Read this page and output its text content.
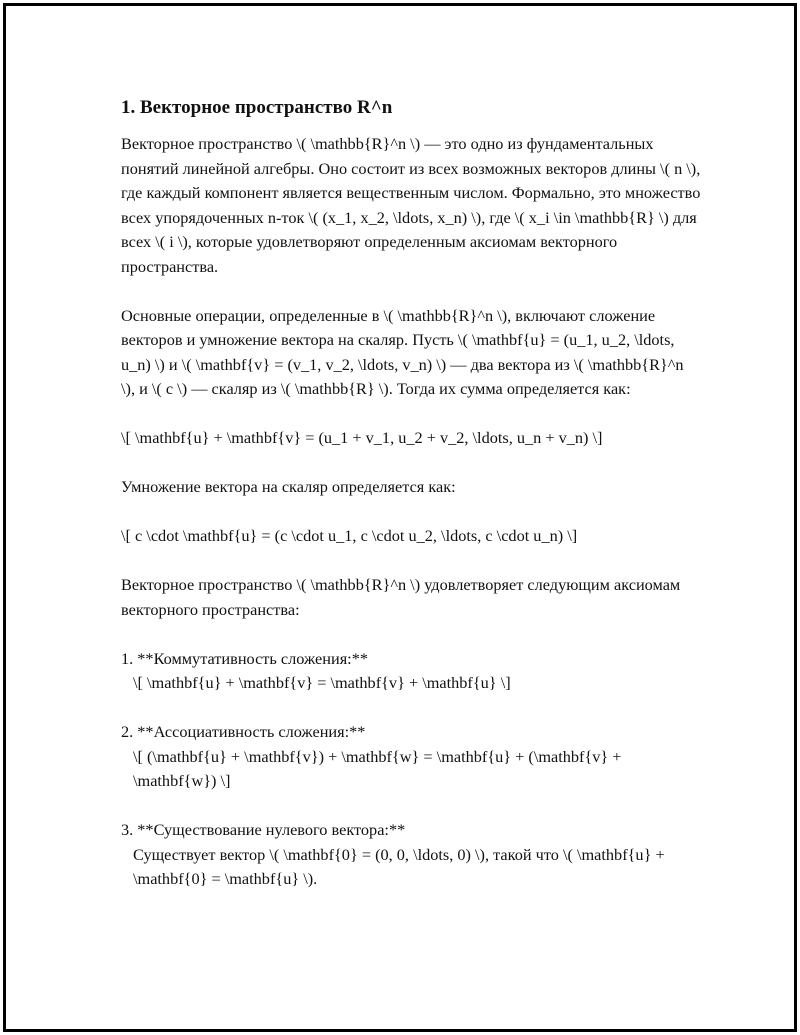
1. Векторное пространство R^n

Векторное пространство \( \mathbb{R}^n \) — это одно из фундаментальных понятий линейной алгебры. Оно состоит из всех возможных векторов длины \( n \), где каждый компонент является вещественным числом. Формально, это множество всех упорядоченных n-ток \( (x_1, x_2, \ldots, x_n) \), где \( x_i \in \mathbb{R} \) для всех \( i \), которые удовлетворяют определенным аксиомам векторного пространства.

Основные операции, определенные в \( \mathbb{R}^n \), включают сложение векторов и умножение вектора на скаляр. Пусть \( \mathbf{u} = (u_1, u_2, \ldots, u_n) \) и \( \mathbf{v} = (v_1, v_2, \ldots, v_n) \) — два вектора из \( \mathbb{R}^n \), и \( c \) — скаляр из \( \mathbb{R} \). Тогда их сумма определяется как:

\[ \mathbf{u} + \mathbf{v} = (u_1 + v_1, u_2 + v_2, \ldots, u_n + v_n) \]

Умножение вектора на скаляр определяется как:

\[ c \cdot \mathbf{u} = (c \cdot u_1, c \cdot u_2, \ldots, c \cdot u_n) \]

Векторное пространство \( \mathbb{R}^n \) удовлетворяет следующим аксиомам векторного пространства:

1. **Коммутативность сложения:**
\[ \mathbf{u} + \mathbf{v} = \mathbf{v} + \mathbf{u} \]
2. **Ассоциативность сложения:**
\[ (\mathbf{u} + \mathbf{v}) + \mathbf{w} = \mathbf{u} + (\mathbf{v} + \mathbf{w}) \]
3. **Существование нулевого вектора:**
Существует вектор \( \mathbf{0} = (0, 0, \ldots, 0) \), такой что \( \mathbf{u} + \mathbf{0} = \mathbf{u} \).
